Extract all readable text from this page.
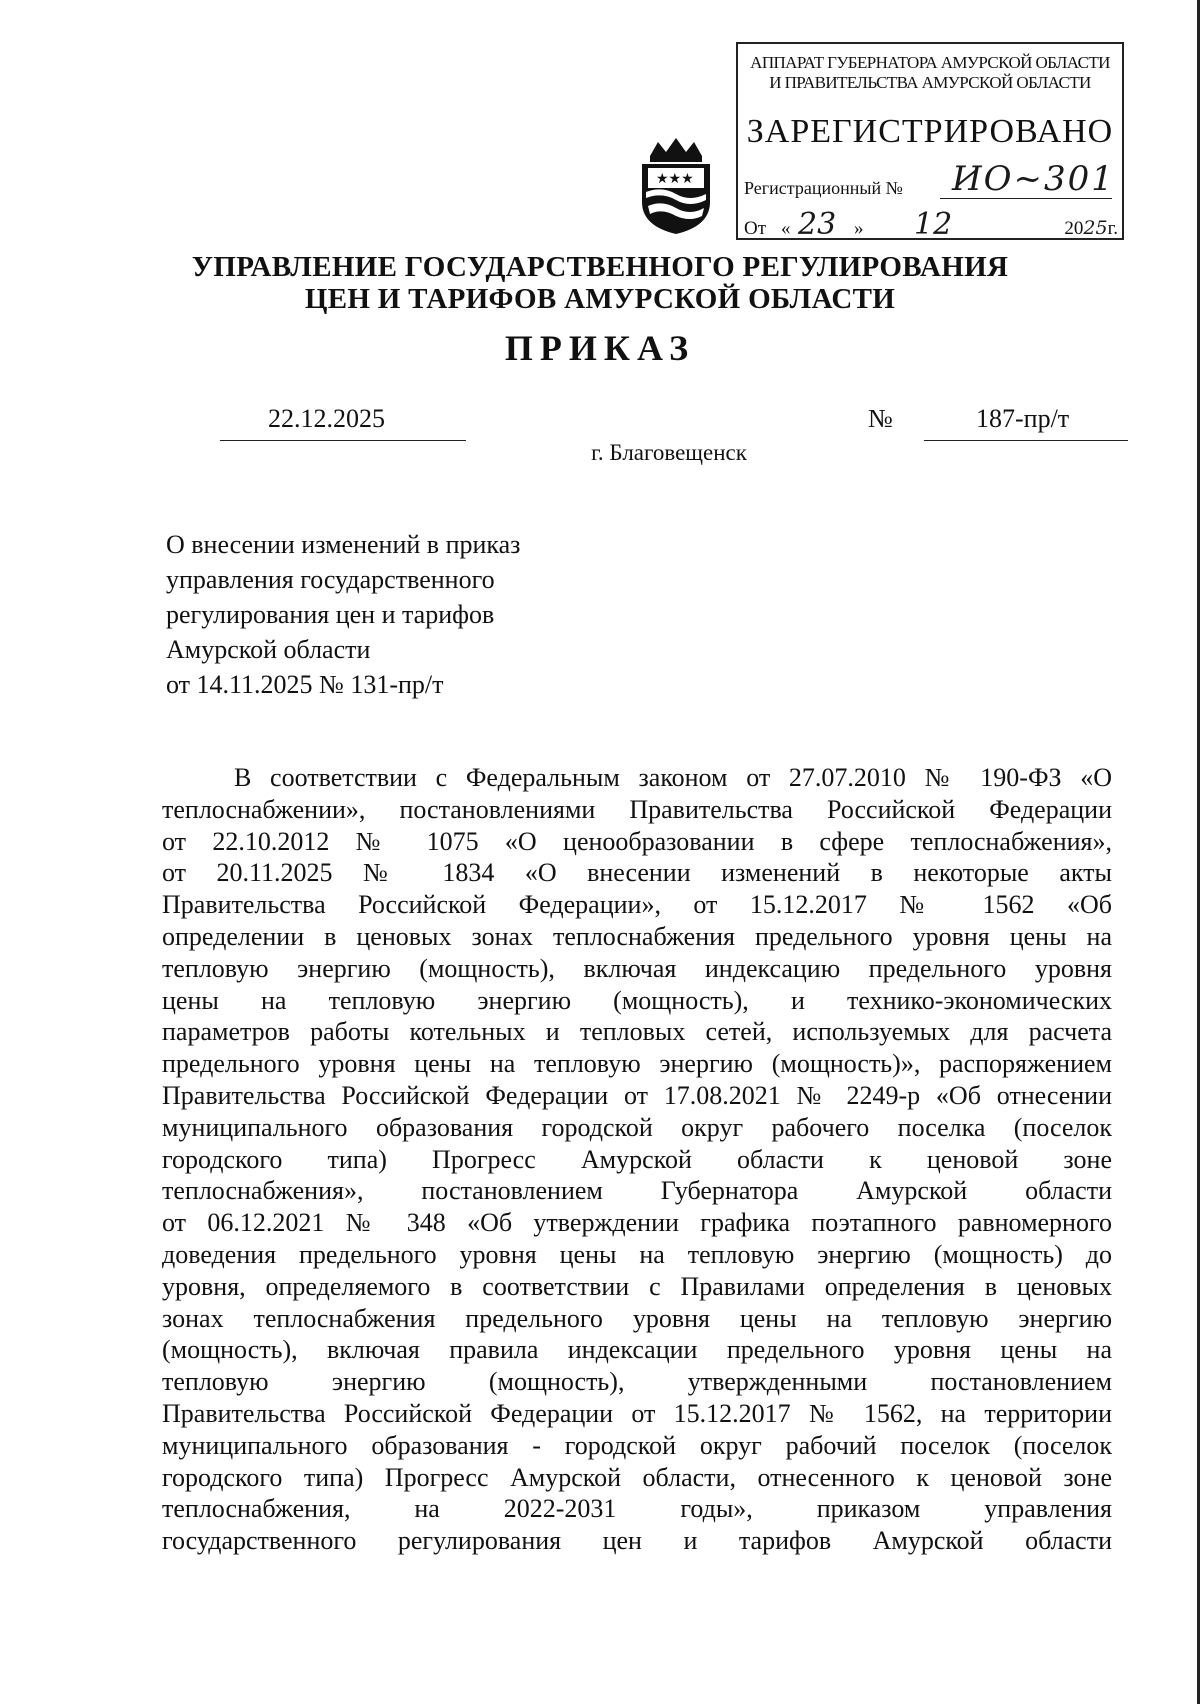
★★★
АППАРАТ ГУБЕРНАТОРА АМУРСКОЙ ОБЛАСТИ
И ПРАВИТЕЛЬСТВА АМУРСКОЙ ОБЛАСТИ
ЗАРЕГИСТРИРОВАНО
Регистрационный № ИО~301
От « 23 » 12	2025г.
УПРАВЛЕНИЕ ГОСУДАРСТВЕННОГО РЕГУЛИРОВАНИЯ
ЦЕН И ТАРИФОВ АМУРСКОЙ ОБЛАСТИ
ПРИКАЗ
22.12.2025	№	187-пр/т
г. Благовещенск
О внесении изменений в приказ
управления государственного
регулирования цен и тарифов
Амурской области
от 14.11.2025 № 131-пр/т
В соответствии с Федеральным законом от 27.07.2010 № 190-ФЗ «О
теплоснабжении», постановлениями Правительства Российской Федерации
от 22.10.2012 № 1075 «О ценообразовании в сфере теплоснабжения»,
от 20.11.2025 № 1834 «О внесении изменений в некоторые акты
Правительства Российской Федерации», от 15.12.2017 № 1562 «Об
определении в ценовых зонах теплоснабжения предельного уровня цены на
тепловую энергию (мощность), включая индексацию предельного уровня
цены на тепловую энергию (мощность), и технико-экономических
параметров работы котельных и тепловых сетей, используемых для расчета
предельного уровня цены на тепловую энергию (мощность)», распоряжением
Правительства Российской Федерации от 17.08.2021 № 2249-р «Об отнесении
муниципального образования городской округ рабочего поселка (поселок
городского типа) Прогресс Амурской области к ценовой зоне
теплоснабжения», постановлением Губернатора Амурской области
от 06.12.2021 № 348 «Об утверждении графика поэтапного равномерного
доведения предельного уровня цены на тепловую энергию (мощность) до
уровня, определяемого в соответствии с Правилами определения в ценовых
зонах теплоснабжения предельного уровня цены на тепловую энергию
(мощность), включая правила индексации предельного уровня цены на
тепловую энергию (мощность), утвержденными постановлением
Правительства Российской Федерации от 15.12.2017 № 1562, на территории
муниципального образования - городской округ рабочий поселок (поселок
городского типа) Прогресс Амурской области, отнесенного к ценовой зоне
теплоснабжения, на 2022-2031 годы», приказом управления
государственного регулирования цен и тарифов Амурской области
